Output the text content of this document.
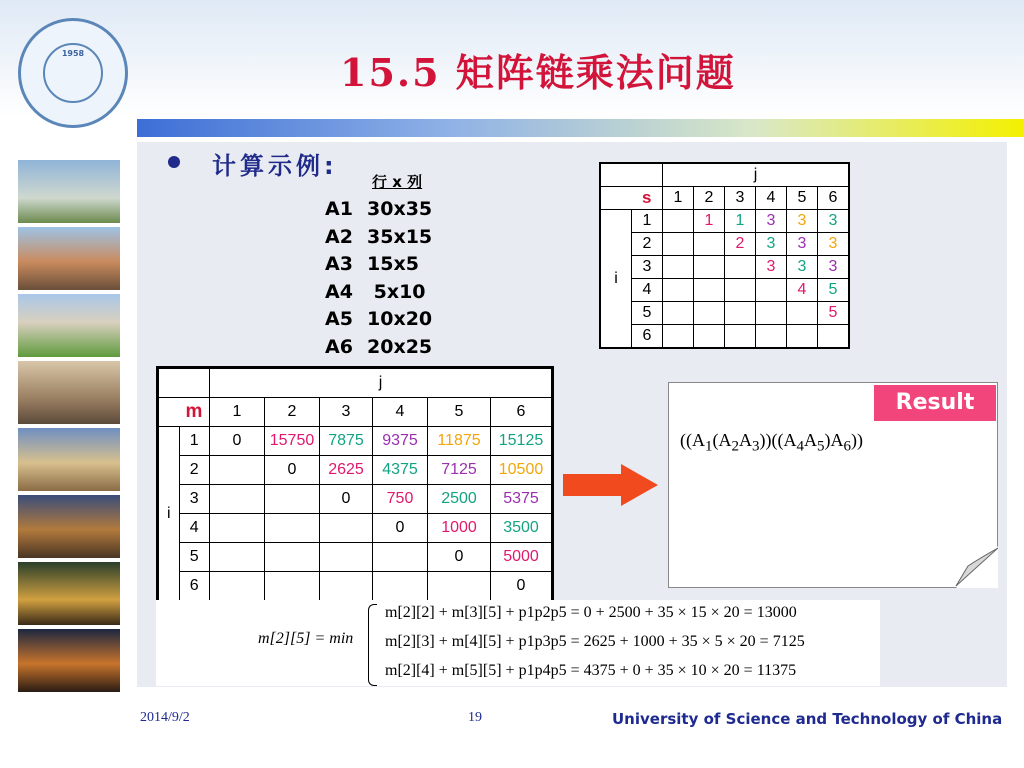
1958	15.5 矩阵链乘法问题
计算示例:
行 x 列
A1 30x35
A2 35x15
A3 15x5
A4 5x10
A5 10x20
A6 20x25
		j					
	s	1	2	3	4	5	6
i	1		1	1	3	3	3
	2			2	3	3	3
	3				3	3	3
	4					4	5
	5						5
	6						
		j					
	m	1	2	3	4	5	6
i	1	0	15750	7875	9375	11875	15125
	2		0	2625	4375	7125	10500
	3			0	750	2500	5375
	4				0	1000	3500
	5					0	5000
	6						0
Result
$((A_1(A_2A_3))((A_4A_5)A_6))$
m[2][5] = min
m[2][2] + m[3][5] + p1p2p5 = 0 + 2500 + 35 × 15 × 20 = 13000
m[2][3] + m[4][5] + p1p3p5 = 2625 + 1000 + 35 × 5 × 20 = 7125
m[2][4] + m[5][5] + p1p4p5 = 4375 + 0 + 35 × 10 × 20 = 11375
2014/9/2	19	University of Science and Technology of China
